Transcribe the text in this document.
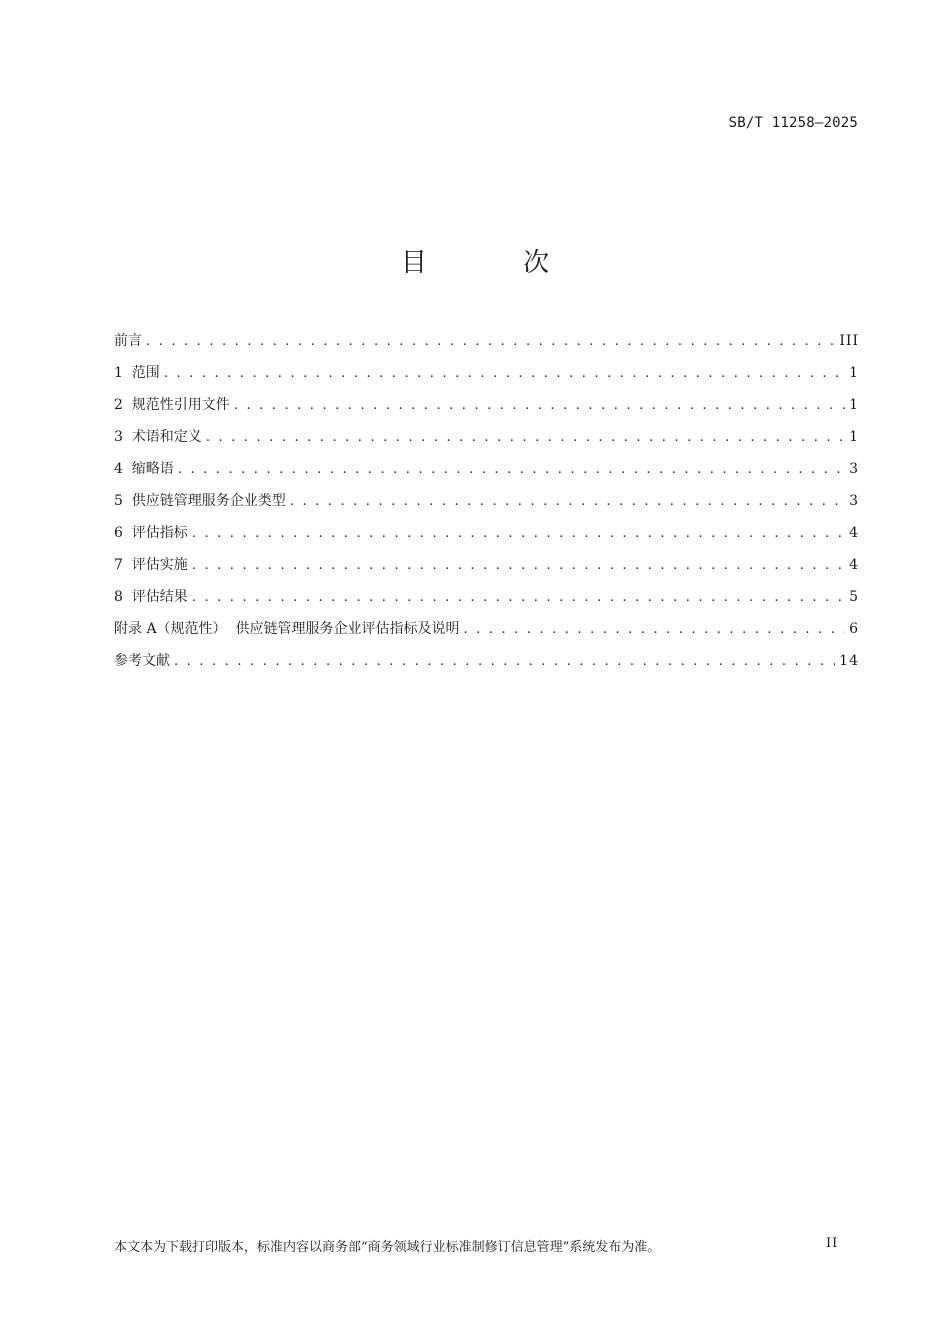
SB/T 11258—2025
目 次
前言 . . .	III
1  范围 . . .	1
2  规范性引用文件 . . .	1
3  术语和定义 . . .	1
4  缩略语 . . .	3
5  供应链管理服务企业类型 . . .	3
6  评估指标 . . .	4
7  评估实施 . . .	4
8  评估结果 . . .	5
附录 A（规范性）  供应链管理服务企业评估指标及说明 . . .	6
参考文献 . . .	14
本文本为下载打印版本，标准内容以商务部“商务领域行业标准制修订信息管理”系统发布为准。	II
